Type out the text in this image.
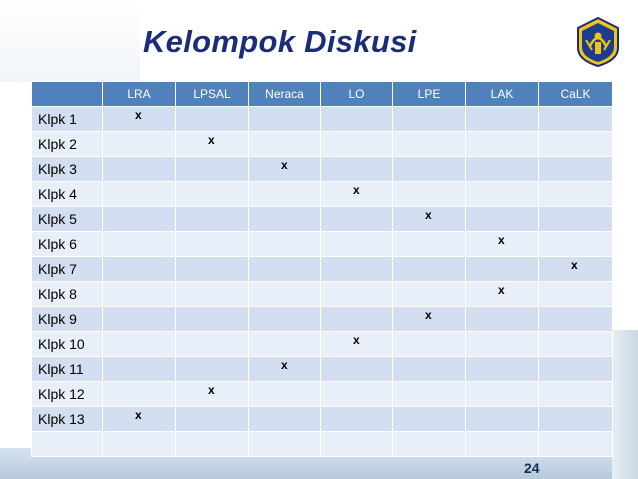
Kelompok Diskusi
	LRA	LPSAL	Neraca	LO	LPE	LAK	CaLK
Klpk 1	x						
Klpk 2		x					
Klpk 3			x				
Klpk 4				x			
Klpk 5					x		
Klpk 6						x	
Klpk 7							x
Klpk 8						x	
Klpk 9					x		
Klpk 10				x			
Klpk 11			x				
Klpk 12		x					
Klpk 13	x						

24
